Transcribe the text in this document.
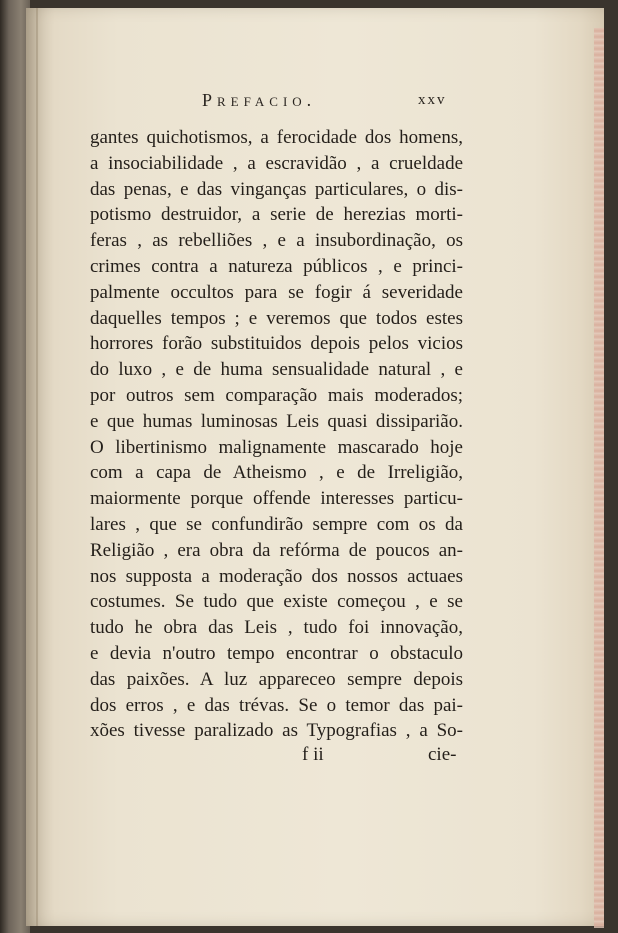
Prefacio.	xxv
gantes quichotismos, a ferocidade dos homens,
a insociabilidade , a escravidão , a crueldade
das penas, e das vinganças particulares, o dis-
potismo destruidor, a serie de herezias morti-
feras , as rebelliões , e a insubordinação, os
crimes contra a natureza públicos , e princi-
palmente occultos para se fogir á severidade
daquelles tempos ; e veremos que todos estes
horrores forão substituidos depois pelos vicios
do luxo , e de huma sensualidade natural , e
por outros sem comparação mais moderados;
e que humas luminosas Leis quasi dissiparião.
O libertinismo malignamente mascarado hoje
com a capa de Atheismo , e de Irreligião,
maiormente porque offende interesses particu-
lares , que se confundirão sempre com os da
Religião , era obra da refórma de poucos an-
nos supposta a moderação dos nossos actuaes
costumes. Se tudo que existe começou , e se
tudo he obra das Leis , tudo foi innovação,
e devia n'outro tempo encontrar o obstaculo
das paixões. A luz appareceo sempre depois
dos erros , e das trévas. Se o temor das pai-
xões tivesse paralizado as Typografias , a So-
f ii	cie-
